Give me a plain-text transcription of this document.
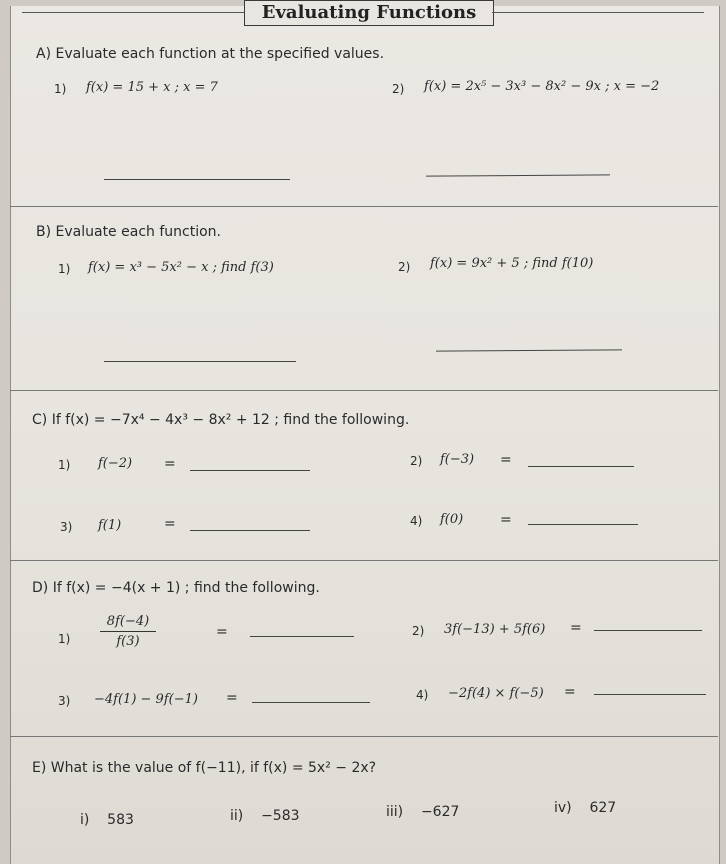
Evaluating Functions
A) Evaluate each function at the specified values.
1) f(x) = 15 + x ; x = 7	2) f(x) = 2x⁵ − 3x³ − 8x² − 9x ; x = −2
B) Evaluate each function.
1) f(x) = x³ − 5x² − x ; find f(3)	2) f(x) = 9x² + 5 ; find f(10)
C) If f(x) = −7x⁴ − 4x³ − 8x² + 12 ; find the following.
1) f(−2) =	2) f(−3) =
3) f(1)	=	4) f(0)	=
D) If f(x) = −4(x + 1) ; find the following.
1)
8f(−4)
f(3)
=	2) 3f(−13) + 5f(6) =
3) −4f(1) − 9f(−1) =	4) −2f(4) × f(−5) =
E) What is the value of f(−11), if f(x) = 5x² − 2x?
i) 583	ii) −583	iii) −627	iv) 627
